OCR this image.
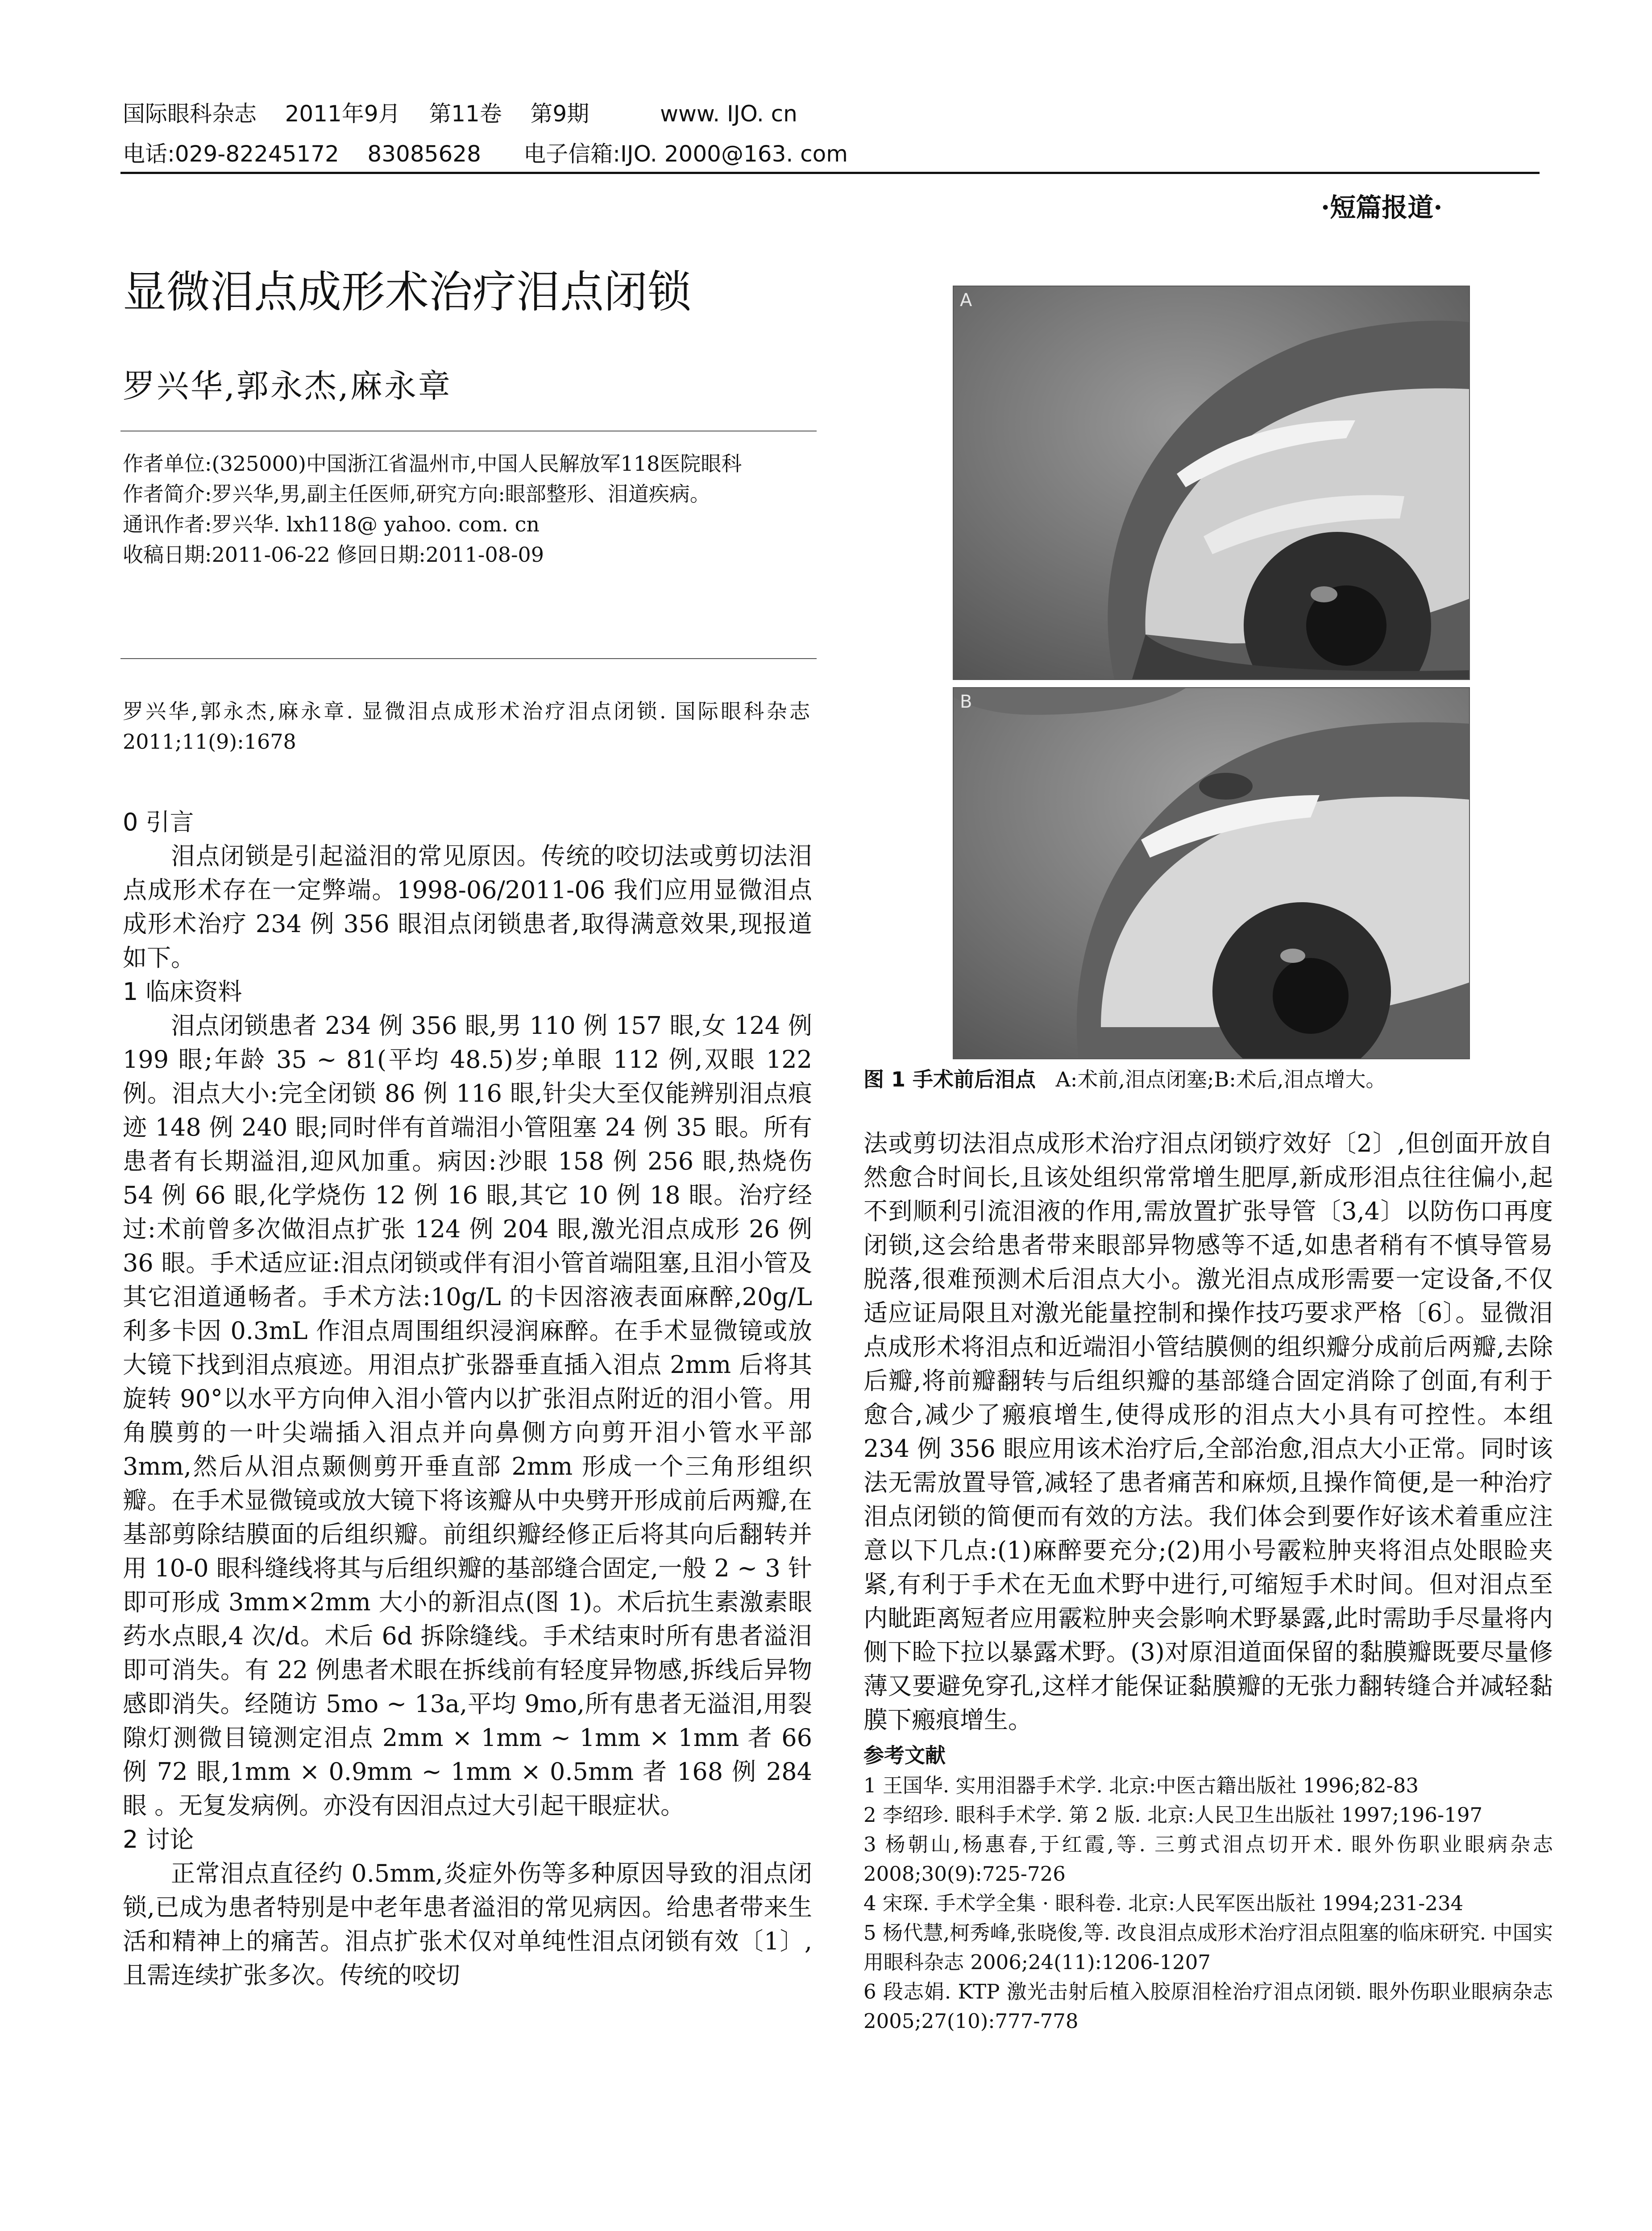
国际眼科杂志    2011年9月    第11卷    第9期          www. IJO. cn
电话:029-82245172    83085628      电子信箱:IJO. 2000@163. com
·短篇报道·
显微泪点成形术治疗泪点闭锁
罗兴华,郭永杰,麻永章
作者单位:(325000)中国浙江省温州市,中国人民解放军118医院眼科
作者简介:罗兴华,男,副主任医师,研究方向:眼部整形、泪道疾病。
通讯作者:罗兴华. lxh118@ yahoo. com. cn
收稿日期:2011-06-22 修回日期:2011-08-09
罗兴华,郭永杰,麻永章. 显微泪点成形术治疗泪点闭锁. 国际眼科杂志 2011;11(9):1678
0 引言

泪点闭锁是引起溢泪的常见原因。传统的咬切法或剪切法泪点成形术存在一定弊端。1998-06/2011-06 我们应用显微泪点成形术治疗 234 例 356 眼泪点闭锁患者,取得满意效果,现报道如下。

1 临床资料

泪点闭锁患者 234 例 356 眼,男 110 例 157 眼,女 124 例 199 眼;年龄 35 ~ 81(平均 48.5)岁;单眼 112 例,双眼 122 例。泪点大小:完全闭锁 86 例 116 眼,针尖大至仅能辨别泪点痕迹 148 例 240 眼;同时伴有首端泪小管阻塞 24 例 35 眼。所有患者有长期溢泪,迎风加重。病因:沙眼 158 例 256 眼,热烧伤 54 例 66 眼,化学烧伤 12 例 16 眼,其它 10 例 18 眼。治疗经过:术前曾多次做泪点扩张 124 例 204 眼,激光泪点成形 26 例 36 眼。手术适应证:泪点闭锁或伴有泪小管首端阻塞,且泪小管及其它泪道通畅者。手术方法:10g/L 的卡因溶液表面麻醉,20g/L 利多卡因 0.3mL 作泪点周围组织浸润麻醉。在手术显微镜或放大镜下找到泪点痕迹。用泪点扩张器垂直插入泪点 2mm 后将其旋转 90°以水平方向伸入泪小管内以扩张泪点附近的泪小管。用角膜剪的一叶尖端插入泪点并向鼻侧方向剪开泪小管水平部 3mm,然后从泪点颞侧剪开垂直部 2mm 形成一个三角形组织瓣。在手术显微镜或放大镜下将该瓣从中央劈开形成前后两瓣,在基部剪除结膜面的后组织瓣。前组织瓣经修正后将其向后翻转并用 10-0 眼科缝线将其与后组织瓣的基部缝合固定,一般 2 ~ 3 针即可形成 3mm×2mm 大小的新泪点(图 1)。术后抗生素激素眼药水点眼,4 次/d。术后 6d 拆除缝线。手术结束时所有患者溢泪即可消失。有 22 例患者术眼在拆线前有轻度异物感,拆线后异物感即消失。经随访 5mo ~ 13a,平均 9mo,所有患者无溢泪,用裂隙灯测微目镜测定泪点 2mm × 1mm ~ 1mm × 1mm 者 66 例 72 眼,1mm × 0.9mm ~ 1mm × 0.5mm 者 168 例 284 眼 。无复发病例。亦没有因泪点过大引起干眼症状。

2 讨论

正常泪点直径约 0.5mm,炎症外伤等多种原因导致的泪点闭锁,已成为患者特别是中老年患者溢泪的常见病因。给患者带来生活和精神上的痛苦。泪点扩张术仅对单纯性泪点闭锁有效〔1〕,且需连续扩张多次。传统的咬切

A
B
图 1 手术前后泪点 A:术前,泪点闭塞;B:术后,泪点增大。

法或剪切法泪点成形术治疗泪点闭锁疗效好〔2〕,但创面开放自然愈合时间长,且该处组织常常增生肥厚,新成形泪点往往偏小,起不到顺利引流泪液的作用,需放置扩张导管〔3,4〕以防伤口再度闭锁,这会给患者带来眼部异物感等不适,如患者稍有不慎导管易脱落,很难预测术后泪点大小。激光泪点成形需要一定设备,不仅适应证局限且对激光能量控制和操作技巧要求严格〔6〕。显微泪点成形术将泪点和近端泪小管结膜侧的组织瓣分成前后两瓣,去除后瓣,将前瓣翻转与后组织瓣的基部缝合固定消除了创面,有利于愈合,减少了瘢痕增生,使得成形的泪点大小具有可控性。本组 234 例 356 眼应用该术治疗后,全部治愈,泪点大小正常。同时该法无需放置导管,减轻了患者痛苦和麻烦,且操作简便,是一种治疗泪点闭锁的简便而有效的方法。我们体会到要作好该术着重应注意以下几点:(1)麻醉要充分;(2)用小号霰粒肿夹将泪点处眼睑夹紧,有利于手术在无血术野中进行,可缩短手术时间。但对泪点至内眦距离短者应用霰粒肿夹会影响术野暴露,此时需助手尽量将内侧下睑下拉以暴露术野。(3)对原泪道面保留的黏膜瓣既要尽量修薄又要避免穿孔,这样才能保证黏膜瓣的无张力翻转缝合并减轻黏膜下瘢痕增生。

参考文献
1 王国华. 实用泪器手术学. 北京:中医古籍出版社 1996;82-83
2 李绍珍. 眼科手术学. 第 2 版. 北京:人民卫生出版社 1997;196-197
3 杨朝山,杨惠春,于红霞,等. 三剪式泪点切开术. 眼外伤职业眼病杂志 2008;30(9):725-726
4 宋琛. 手术学全集 · 眼科卷. 北京:人民军医出版社 1994;231-234
5 杨代慧,柯秀峰,张晓俊,等. 改良泪点成形术治疗泪点阻塞的临床研究. 中国实用眼科杂志 2006;24(11):1206-1207
6 段志娟. KTP 激光击射后植入胶原泪栓治疗泪点闭锁. 眼外伤职业眼病杂志 2005;27(10):777-778
